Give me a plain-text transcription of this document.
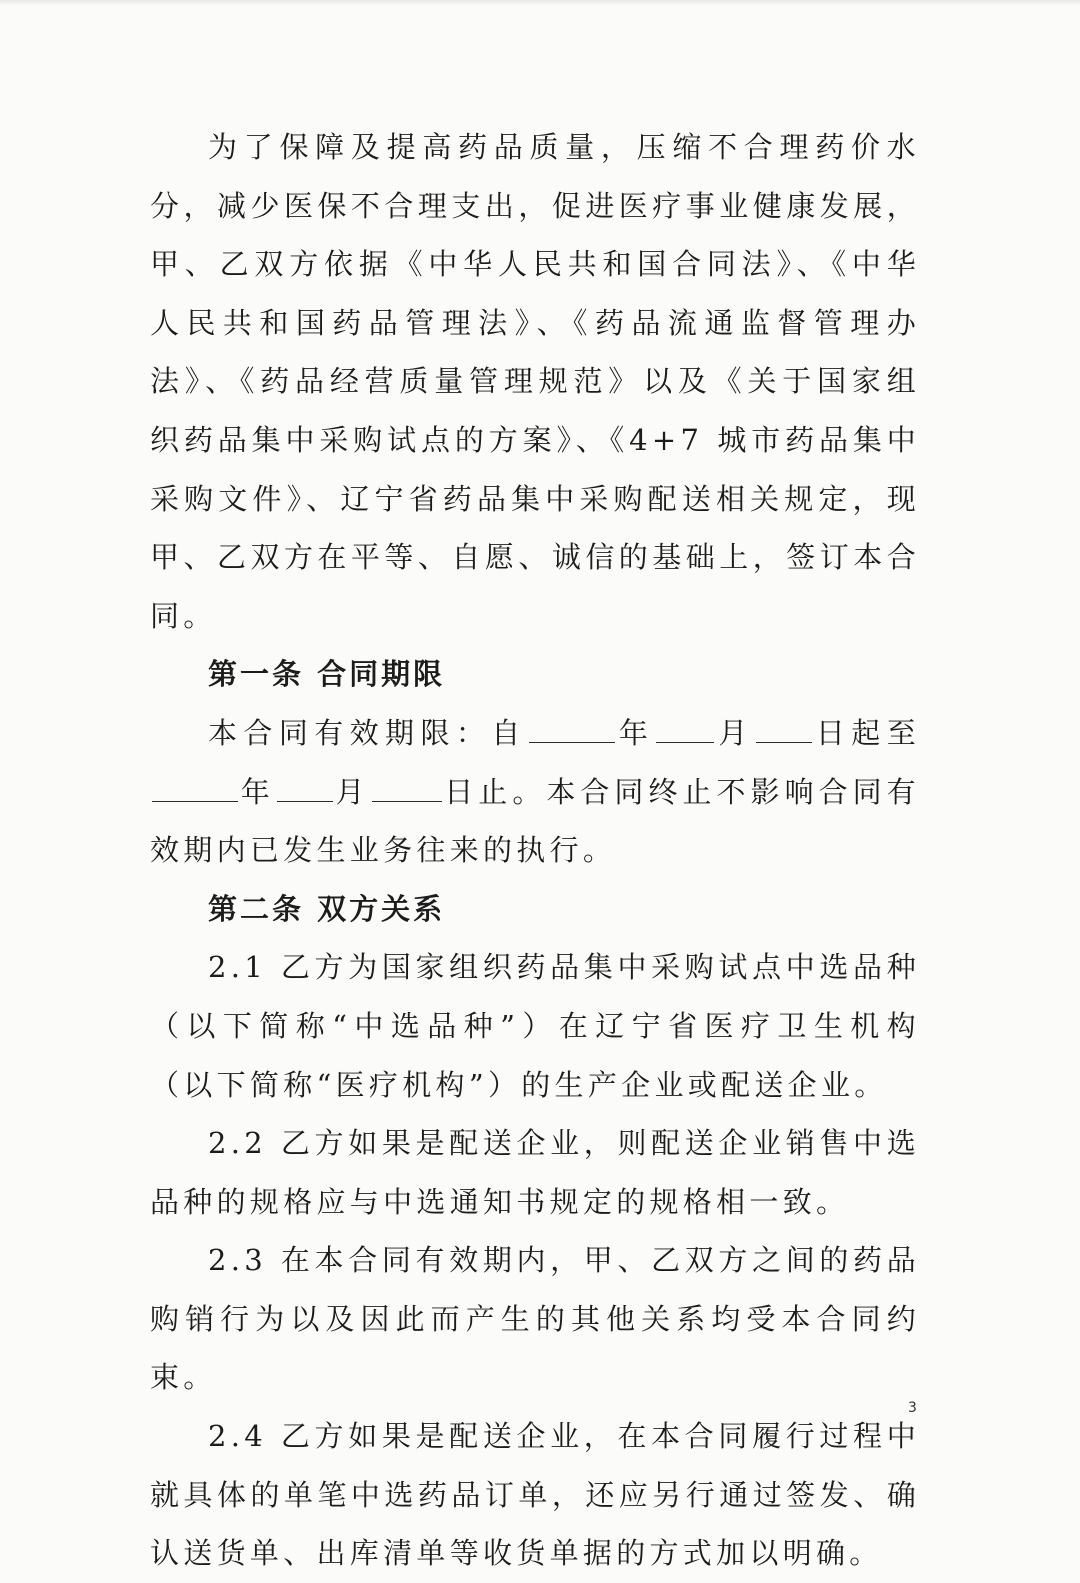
为了保障及提高药品质量，压缩不合理药价水分，减少医保不合理支出，促进医疗事业健康发展，甲、乙双方依据《中华人民共和国合同法》、《中华人民共和国药品管理法》、《药品流通监督管理办法》、《药品经营质量管理规范》以及《关于国家组织药品集中采购试点的方案》、《4+7 城市药品集中采购文件》、辽宁省药品集中采购配送相关规定，现甲、乙双方在平等、自愿、诚信的基础上，签订本合同。

第一条 合同期限

本合同有效期限：自	年 月 日起至年 月	日止。本合同终止不影响合同有效期内已发生业务往来的执行。

第二条 双方关系

2.1 乙方为国家组织药品集中采购试点中选品种（以下简称“中选品种”）在辽宁省医疗卫生机构（以下简称“医疗机构”）的生产企业或配送企业。

2.2 乙方如果是配送企业，则配送企业销售中选品种的规格应与中选通知书规定的规格相一致。

2.3 在本合同有效期内，甲、乙双方之间的药品购销行为以及因此而产生的其他关系均受本合同约束。

2.4 乙方如果是配送企业，在本合同履行过程中就具体的单笔中选药品订单，还应另行通过签发、确认送货单、出库清单等收货单据的方式加以明确。

3
